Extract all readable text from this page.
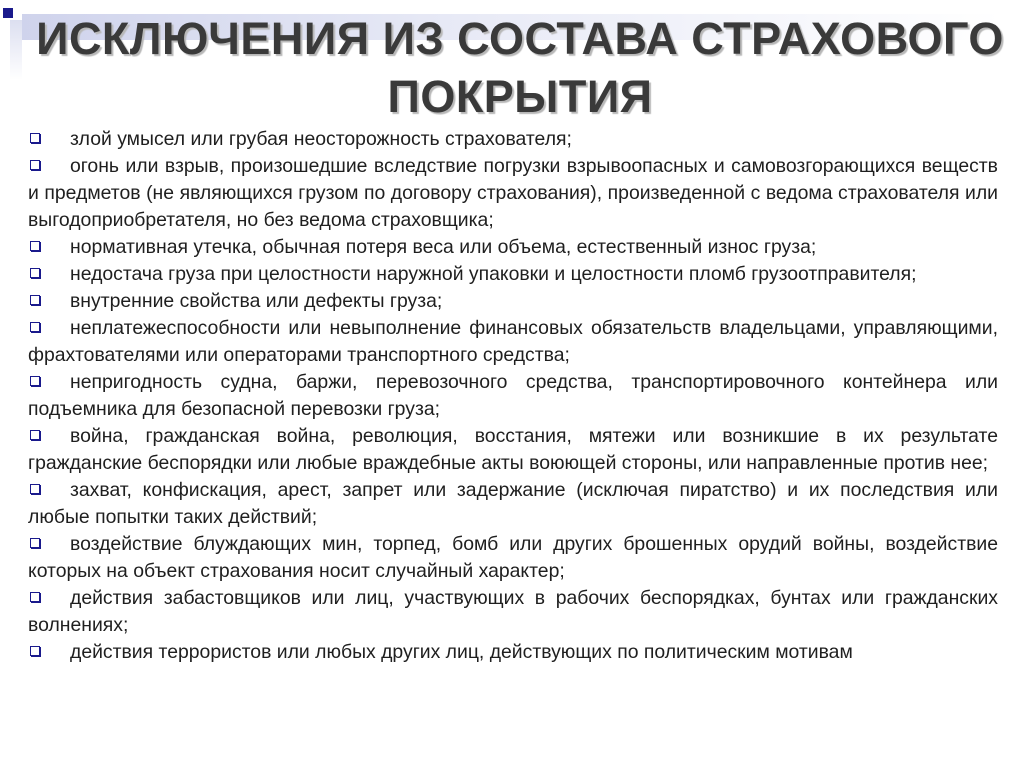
ИСКЛЮЧЕНИЯ ИЗ СОСТАВА СТРАХОВОГО
ПОКРЫТИЯ

злой умысел или грубая неосторожность страхователя;

огонь или взрыв, произошедшие вследствие погрузки взрывоопасных и самовозгорающихся веществ и предметов (не являющихся грузом по договору страхования), произведенной с ведома страхователя или выгодоприобретателя, но без ведома страховщика;

нормативная утечка, обычная потеря веса или объема, естественный износ груза;

недостача груза при целостности наружной упаковки и целостности пломб грузоотправителя;

внутренние свойства или дефекты груза;

неплатежеспособности или невыполнение финансовых обязательств владельцами, управляющими, фрахтователями или операторами транспортного средства;

непригодность судна, баржи, перевозочного средства, транспортировочного контейнера или подъемника для безопасной перевозки груза;

война, гражданская война, революция, восстания, мятежи или возникшие в их результате гражданские беспорядки или любые враждебные акты воюющей стороны, или направленные против нее;

захват, конфискация, арест, запрет или задержание (исключая пиратство) и их последствия или любые попытки таких действий;

воздействие блуждающих мин, торпед, бомб или других брошенных орудий войны, воздействие которых на объект страхования носит случайный характер;

действия забастовщиков или лиц, участвующих в рабочих беспорядках, бунтах или гражданских волнениях;

действия террористов или любых других лиц, действующих по политическим мотивам
